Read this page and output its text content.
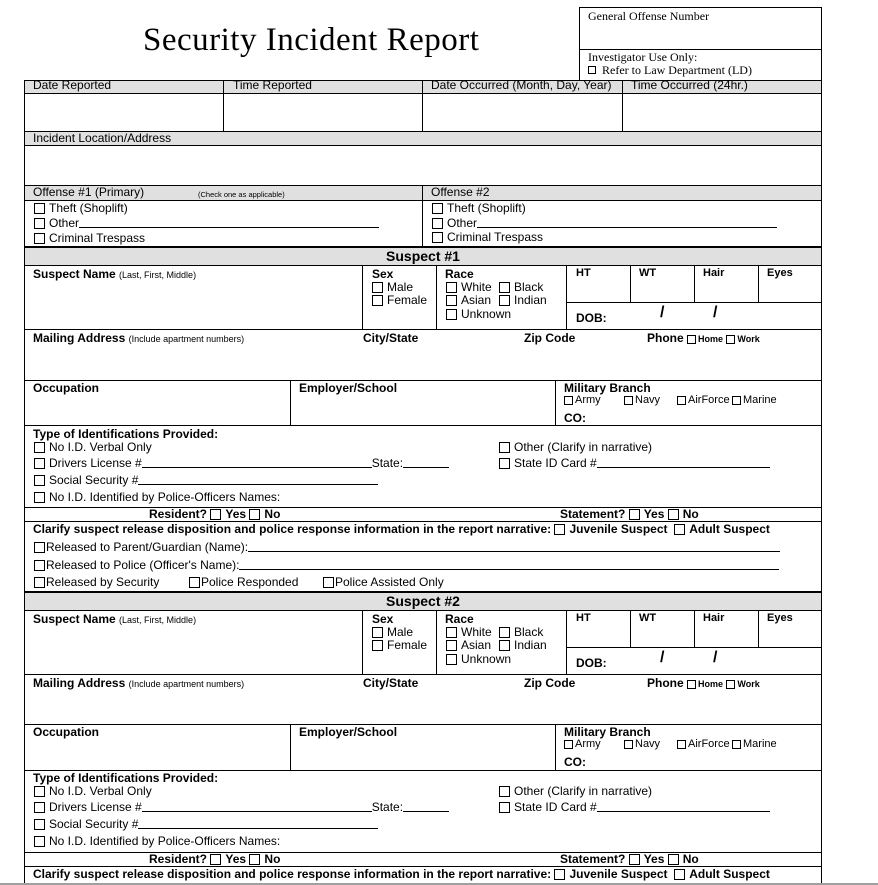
Security Incident Report
General Offense Number
Investigator Use Only:
Refer to Law Department (LD)
Date Reported	Time Reported	Date Occurred (Month, Day, Year) Time Occurred (24hr.)
Incident Location/Address
Offense #1 (Primary)	(Check one as applicable)	Offense #2
Theft (Shoplift)
Other
Criminal Trespass
Theft (Shoplift)
Other
Criminal Trespass
Suspect #1
Suspect Name (Last, First, Middle)	Sex
Male
Female
Race
White	Black
Asian	Indian
Unknown
HT	WT	Hair	Eyes
DOB:	/	/
Mailing Address (Include apartment numbers)	City/State	Zip Code	Phone Home Work
Occupation	Employer/School	Military Branch
Army	Navy	AirForce	Marine
CO:
Type of Identifications Provided:
No I.D. Verbal Only
Drivers License #	State:
Social Security #
No I.D. Identified by Police-Officers Names:
Other (Clarify in narrative)
State ID Card #
Resident? Yes No	Statement? Yes No
Clarify suspect release disposition and police response information in the report narrative: Juvenile Suspect Adult Suspect
Released to Parent/Guardian (Name):
Released to Police (Officer's Name):
Released by Security	Police Responded	Police Assisted Only
Suspect #2
Suspect Name (Last, First, Middle)	Sex
Male
Female
Race
White	Black
Asian	Indian
Unknown
HT	WT	Hair	Eyes
DOB:	/	/
Mailing Address (Include apartment numbers)	City/State	Zip Code	Phone Home Work
Occupation	Employer/School	Military Branch
Army	Navy	AirForce	Marine
CO:
Type of Identifications Provided:
No I.D. Verbal Only
Drivers License #	State:
Social Security #
No I.D. Identified by Police-Officers Names:
Other (Clarify in narrative)
State ID Card #
Resident? Yes No	Statement? Yes No
Clarify suspect release disposition and police response information in the report narrative: Juvenile Suspect Adult Suspect
